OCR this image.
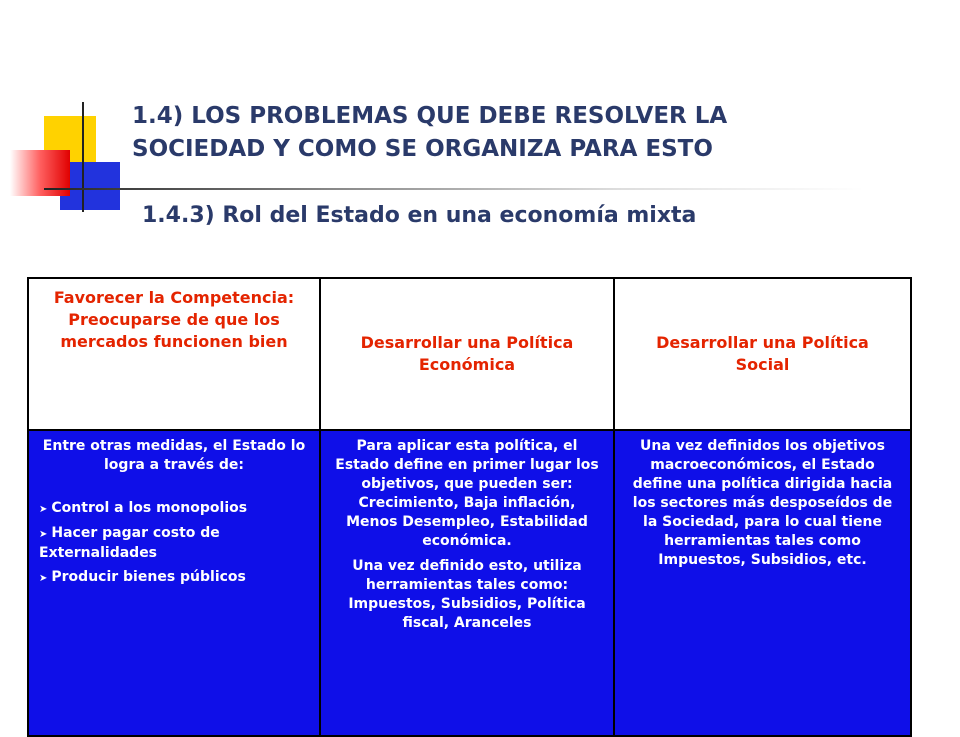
1.4) LOS PROBLEMAS QUE DEBE RESOLVER LA
SOCIEDAD Y COMO SE ORGANIZA PARA ESTO
1.4.3) Rol del Estado en una economía mixta
Favorecer la Competencia: Preocuparse de que los mercados funcionen bien	Desarrollar una Política Económica
Desarrollar una Política Social

Entre otras medidas, el Estado lo logra a través de:

➤ Control a los monopolios

➤ Hacer pagar costo de Externalidades

➤ Producir bienes públicos

Para aplicar esta política, el Estado define en primer lugar los objetivos, que pueden ser: Crecimiento, Baja inflación, Menos Desempleo, Estabilidad económica.

Una vez definido esto, utiliza herramientas tales como: Impuestos, Subsidios, Política fiscal, Aranceles

Una vez definidos los objetivos macroeconómicos, el Estado define una política dirigida hacia los sectores más desposeídos de la Sociedad, para lo cual tiene herramientas tales como Impuestos, Subsidios, etc.
